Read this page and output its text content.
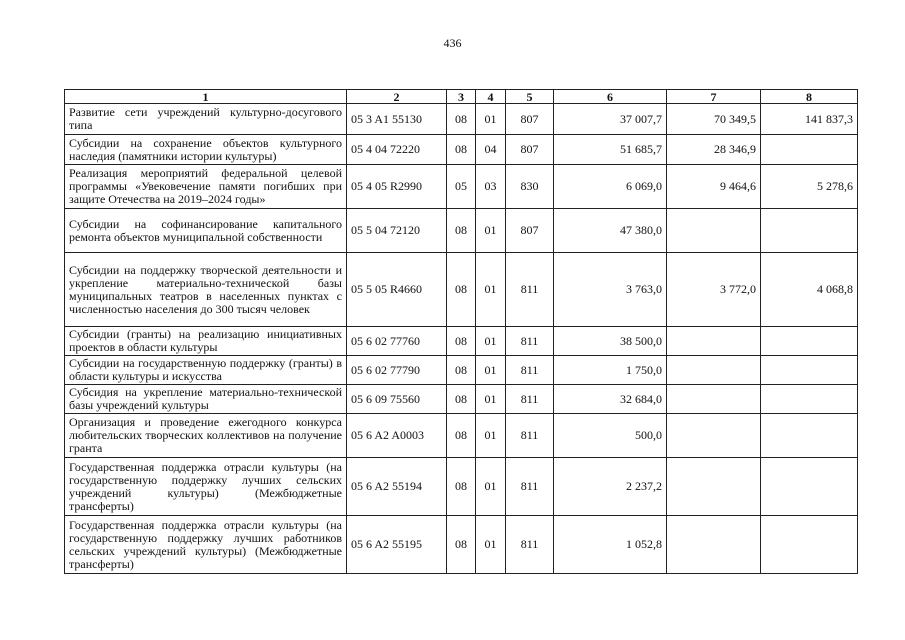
436
1	2	3	4	5	6	7	8
Развитие сети учреждений культурно-досугового типа	05 3 A1 55130	08	01	807	37 007,7	70 349,5	141 837,3
Субсидии на сохранение объектов культурного наследия (памятники истории культуры)	05 4 04 72220	08	04	807	51 685,7	28 346,9	
Реализация мероприятий федеральной целевой программы «Увековечение памяти погибших при защите Отечества на 2019–2024 годы»	05 4 05 R2990	05	03	830	6 069,0	9 464,6	5 278,6
Субсидии на софинансирование капитального ремонта объектов муниципальной собственности	05 5 04 72120	08	01	807	47 380,0		
Субсидии на поддержку творческой деятельности и укрепление материально-технической базы муниципальных театров в населенных пунктах с численностью населения до 300 тысяч человек	05 5 05 R4660	08	01	811	3 763,0	3 772,0	4 068,8
Субсидии (гранты) на реализацию инициативных проектов в области культуры	05 6 02 77760	08	01	811	38 500,0		
Субсидии на государственную поддержку (гранты) в области культуры и искусства	05 6 02 77790	08	01	811	1 750,0		
Субсидия на укрепление материально-технической базы учреждений культуры	05 6 09 75560	08	01	811	32 684,0		
Организация и проведение ежегодного конкурса любительских творческих коллективов на получение гранта	05 6 A2 A0003	08	01	811	500,0		
Государственная поддержка отрасли культуры (на государственную поддержку лучших сельских учреждений культуры) (Межбюджетные трансферты)	05 6 A2 55194	08	01	811	2 237,2		
Государственная поддержка отрасли культуры (на государственную поддержку лучших работников сельских учреждений культуры) (Межбюджетные трансферты)	05 6 A2 55195	08	01	811	1 052,8		
